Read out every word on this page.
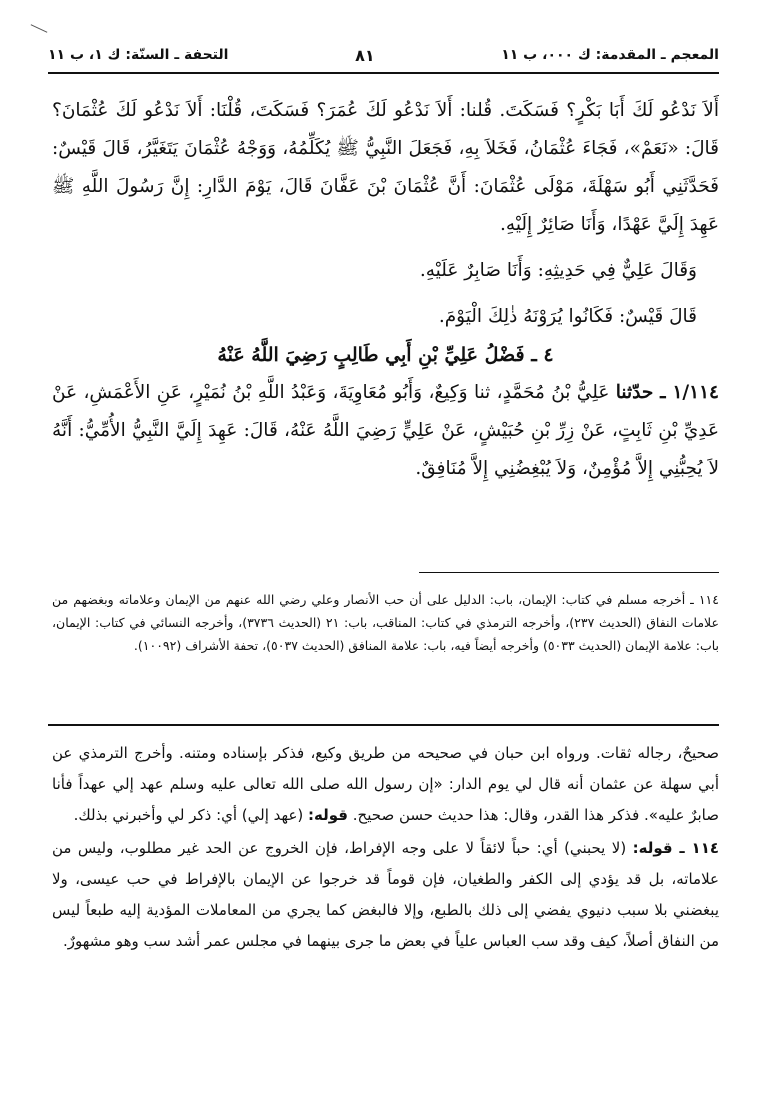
التحفة ـ السنّة: ك ١، ب ١١	٨١	المعجم ـ المقدمة: ك ٠٠٠، ب ١١

أَلاَ نَدْعُو لَكَ أَبَا بَكْرٍ؟ فَسَكَتَ. قُلنا: أَلاَ نَدْعُو لَكَ عُمَرَ؟ فَسَكَتَ، قُلْنَا: أَلاَ نَدْعُو لَكَ عُثْمَانَ؟ قَالَ: «نَعَمْ»، فَجَاءَ عُثْمَانُ، فَخَلاَ بِهِ، فَجَعَلَ النَّبِيُّ ﷺ يُكَلِّمُهُ، وَوَجْهُ عُثْمَانَ يَتَغَيَّرُ، قَالَ قَيْسٌ: فَحَدَّثَنِي أَبُو سَهْلَةَ، مَوْلَى عُثْمَانَ: أَنَّ عُثْمَانَ بْنَ عَفَّانَ قَالَ، يَوْمَ الدَّارِ: إِنَّ رَسُولَ اللَّهِ ﷺ عَهِدَ إِلَيَّ عَهْدًا، وَأَنَا صَائِرٌ إِلَيْهِ.

وَقَالَ عَلِيٌّ فِي حَدِيثِهِ: وَأَنَا صَابِرٌ عَلَيْهِ.

قَالَ قَيْسٌ: فَكَانُوا يُرَوْنَهُ ذٰلِكَ الْيَوْمَ.

٤ ـ فَضْلُ عَلِيِّ بْنِ أَبِي طَالِبٍ رَضِيَ اللَّهُ عَنْهُ

١/١١٤ ـ حدّثنا عَلِيُّ بْنُ مُحَمَّدٍ، ثنا وَكِيعٌ، وَأَبُو مُعَاوِيَةَ، وَعَبْدُ اللَّهِ بْنُ نُمَيْرٍ، عَنِ الأَعْمَشِ، عَنْ عَدِيِّ بْنِ ثَابِتٍ، عَنْ زِرِّ بْنِ حُبَيْشٍ، عَنْ عَلِيٍّ رَضِيَ اللَّهُ عَنْهُ، قَالَ: عَهِدَ إِلَيَّ النَّبِيُّ الأُمِّيُّ: أَنَّهُ لاَ يُحِبُّنِي إِلاَّ مُؤْمِنٌ، وَلاَ يُبْغِضُنِي إِلاَّ مُنَافِقٌ.

١١٤ ـ أخرجه مسلم في كتاب: الإيمان، باب: الدليل على أن حب الأنصار وعلي رضي الله عنهم من الإيمان وعلاماته وبغضهم من علامات النفاق (الحديث ٢٣٧)، وأخرجه الترمذي في كتاب: المناقب، باب: ٢١ (الحديث ٣٧٣٦)، وأخرجه النسائي في كتاب: الإيمان، باب: علامة الإيمان (الحديث ٥٠٣٣) وأخرجه أيضاً فيه، باب: علامة المنافق (الحديث ٥٠٣٧)، تحفة الأشراف (١٠٠٩٢).

صحيحٌ، رجاله ثقات. ورواه ابن حبان في صحيحه من طريق وكيع، فذكر بإسناده ومتنه. وأخرج الترمذي عن أبي سهلة عن عثمان أنه قال لي يوم الدار: «إن رسول الله صلى الله تعالى عليه وسلم عهد إلي عهداً فأنا صابرٌ عليه». فذكر هذا القدر، وقال: هذا حديث حسن صحيح. قوله: (عهد إلي) أي: ذكر لي وأخبرني بذلك.

١١٤ ـ قوله: (لا يحبني) أي: حباً لائقاً لا على وجه الإفراط، فإن الخروج عن الحد غير مطلوب، وليس من علاماته، بل قد يؤدي إلى الكفر والطغيان، فإن قوماً قد خرجوا عن الإيمان بالإفراط في حب عيسى، ولا يبغضني بلا سبب دنيوي يفضي إلى ذلك بالطبع، وإلا فالبغض كما يجري من المعاملات المؤدية إليه طبعاً ليس من النفاق أصلاً، كيف وقد سب العباس علياً في بعض ما جرى بينهما في مجلس عمر أشد سب وهو مشهورٌ.
